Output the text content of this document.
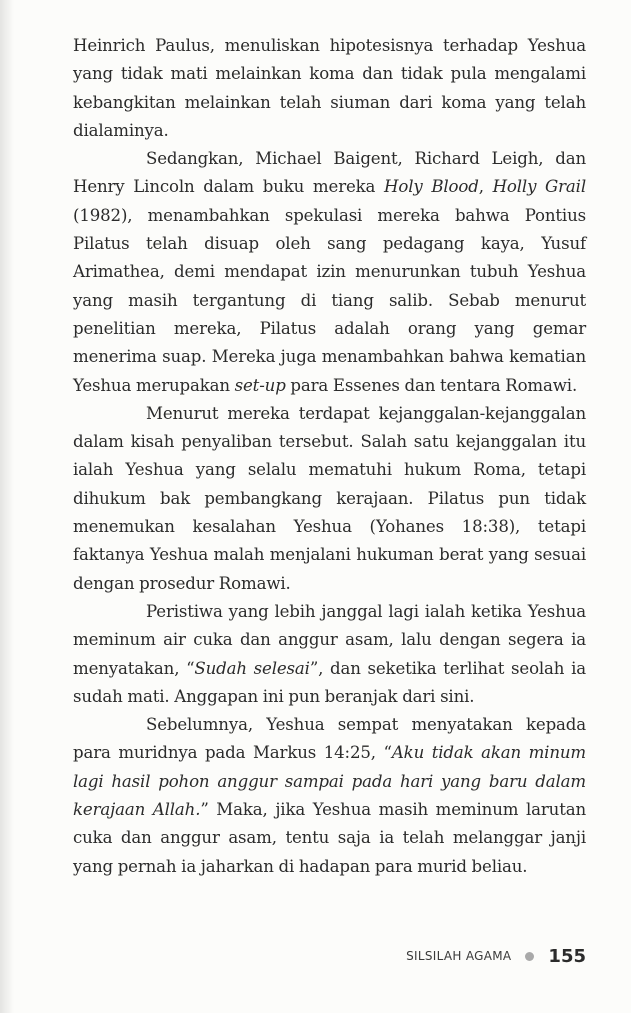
Heinrich Paulus, menuliskan hipotesisnya terhadap Yeshua yang tidak mati melainkan koma dan tidak pula mengalami kebangkitan melainkan telah siuman dari koma yang telah dialaminya.

Sedangkan, Michael Baigent, Richard Leigh, dan Henry Lincoln dalam buku mereka Holy Blood, Holly Grail (1982), menambahkan spekulasi mereka bahwa Pontius Pilatus telah disuap oleh sang pedagang kaya, Yusuf Arimathea, demi mendapat izin menurunkan tubuh Yeshua yang masih tergantung di tiang salib. Sebab menurut penelitian mereka, Pilatus adalah orang yang gemar menerima suap. Mereka juga menambahkan bahwa kematian Yeshua merupakan set-up para Essenes dan tentara Romawi.

Menurut mereka terdapat kejanggalan-kejanggalan dalam kisah penyaliban tersebut. Salah satu kejanggalan itu ialah Yeshua yang selalu mematuhi hukum Roma, tetapi dihukum bak pembangkang kerajaan. Pilatus pun tidak menemukan kesalahan Yeshua (Yohanes 18:38), tetapi faktanya Yeshua malah menjalani hukuman berat yang sesuai dengan prosedur Romawi.

Peristiwa yang lebih janggal lagi ialah ketika Yeshua meminum air cuka dan anggur asam, lalu dengan segera ia menyatakan, “Sudah selesai”, dan seketika terlihat seolah ia sudah mati. Anggapan ini pun beranjak dari sini.

Sebelumnya, Yeshua sempat menyatakan kepada para muridnya pada Markus 14:25, “Aku tidak akan minum lagi hasil pohon anggur sampai pada hari yang baru dalam kerajaan Allah.” Maka, jika Yeshua masih meminum larutan cuka dan anggur asam, tentu saja ia telah melanggar janji yang pernah ia jaharkan di hadapan para murid beliau.

SILSILAH AGAMA 155
